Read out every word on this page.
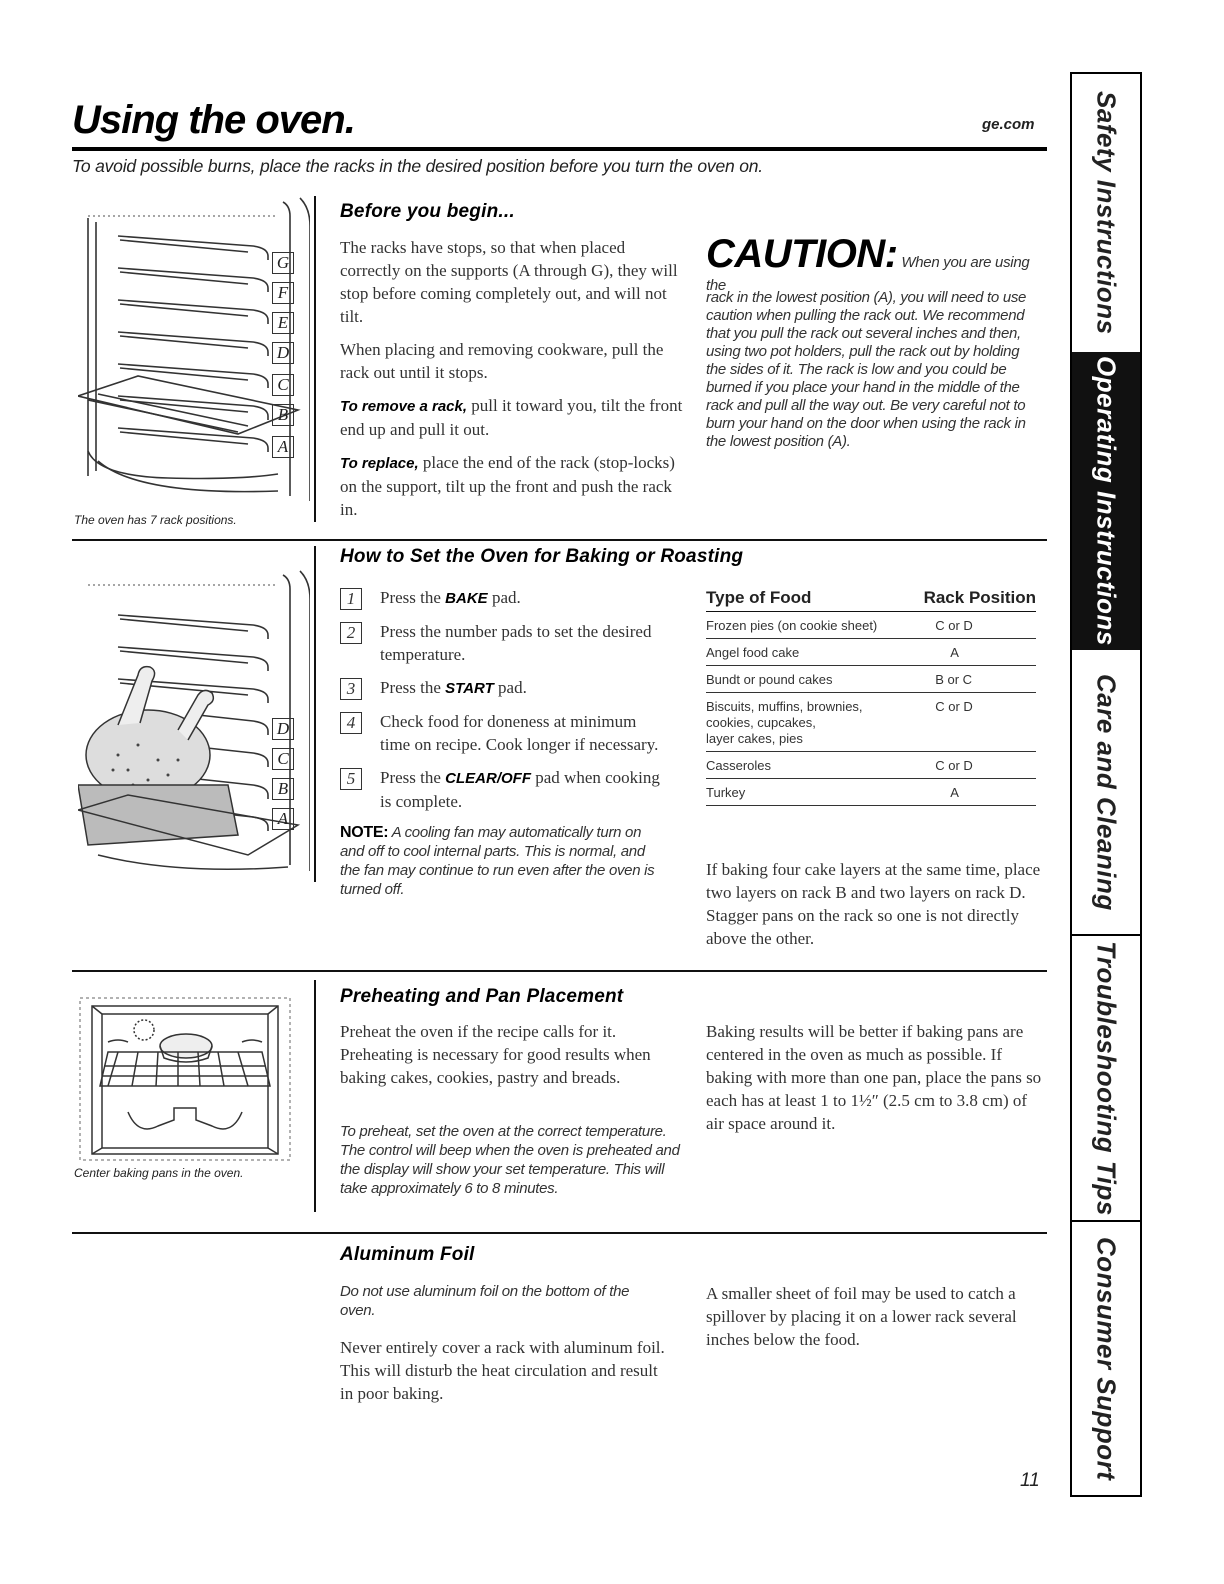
Using the oven.	ge.com
To avoid possible burns, place the racks in the desired position before you turn the oven on.
G
F
E
D
C
B
A
The oven has 7 rack positions.
Before you begin...

The racks have stops, so that when placed correctly on the supports (A through G), they will stop before coming completely out, and will not tilt.

When placing and removing cookware, pull the rack out until it stops.

To remove a rack, pull it toward you, tilt the front end up and pull it out.

To replace, place the end of the rack (stop-locks) on the support, tilt up the front and push the rack in.

CAUTION: When you are using the
rack in the lowest position (A), you will need to use caution when pulling the rack out. We recommend that you pull the rack out several inches and then, using two pot holders, pull the rack out by holding the sides of it. The rack is low and you could be burned if you place your hand in the middle of the rack and pull all the way out. Be very careful not to burn your hand on the door when using the rack in the lowest position (A).
D
C
B
A
How to Set the Oven for Baking or Roasting
1	Press the BAKE pad.
2	Press the number pads to set the desired temperature.
3	Press the START pad.
4	Check food for doneness at minimum time on recipe. Cook longer if necessary.
5	Press the CLEAR/OFF pad when cooking is complete.
NOTE: A cooling fan may automatically turn on and off to cool internal parts. This is normal, and the fan may continue to run even after the oven is turned off.
Type of Food	Rack Position
Frozen pies (on cookie sheet)	C or D
Angel food cake	A
Bundt or pound cakes	B or C

Biscuits, muffins, brownies,
cookies, cupcakes,
layer cakes, pies	C or D
Casseroles	C or D
Turkey	A
If baking four cake layers at the same time, place two layers on rack B and two layers on rack D. Stagger pans on the rack so one is not directly above the other.
Center baking pans in the oven.
Preheating and Pan Placement
Preheat the oven if the recipe calls for it. Preheating is necessary for good results when baking cakes, cookies, pastry and breads.
To preheat, set the oven at the correct temperature. The control will beep when the oven is preheated and the display will show your set temperature. This will take approximately 6 to 8 minutes.
Baking results will be better if baking pans are centered in the oven as much as possible. If baking with more than one pan, place the pans so each has at least 1 to 1½″ (2.5 cm to 3.8 cm) of air space around it.
Aluminum Foil
Do not use aluminum foil on the bottom of the oven.
Never entirely cover a rack with aluminum foil. This will disturb the heat circulation and result in poor baking.
A smaller sheet of foil may be used to catch a spillover by placing it on a lower rack several inches below the food.
11
Safety Instructions
Operating Instructions
Care and Cleaning
Troubleshooting Tips
Consumer Support
